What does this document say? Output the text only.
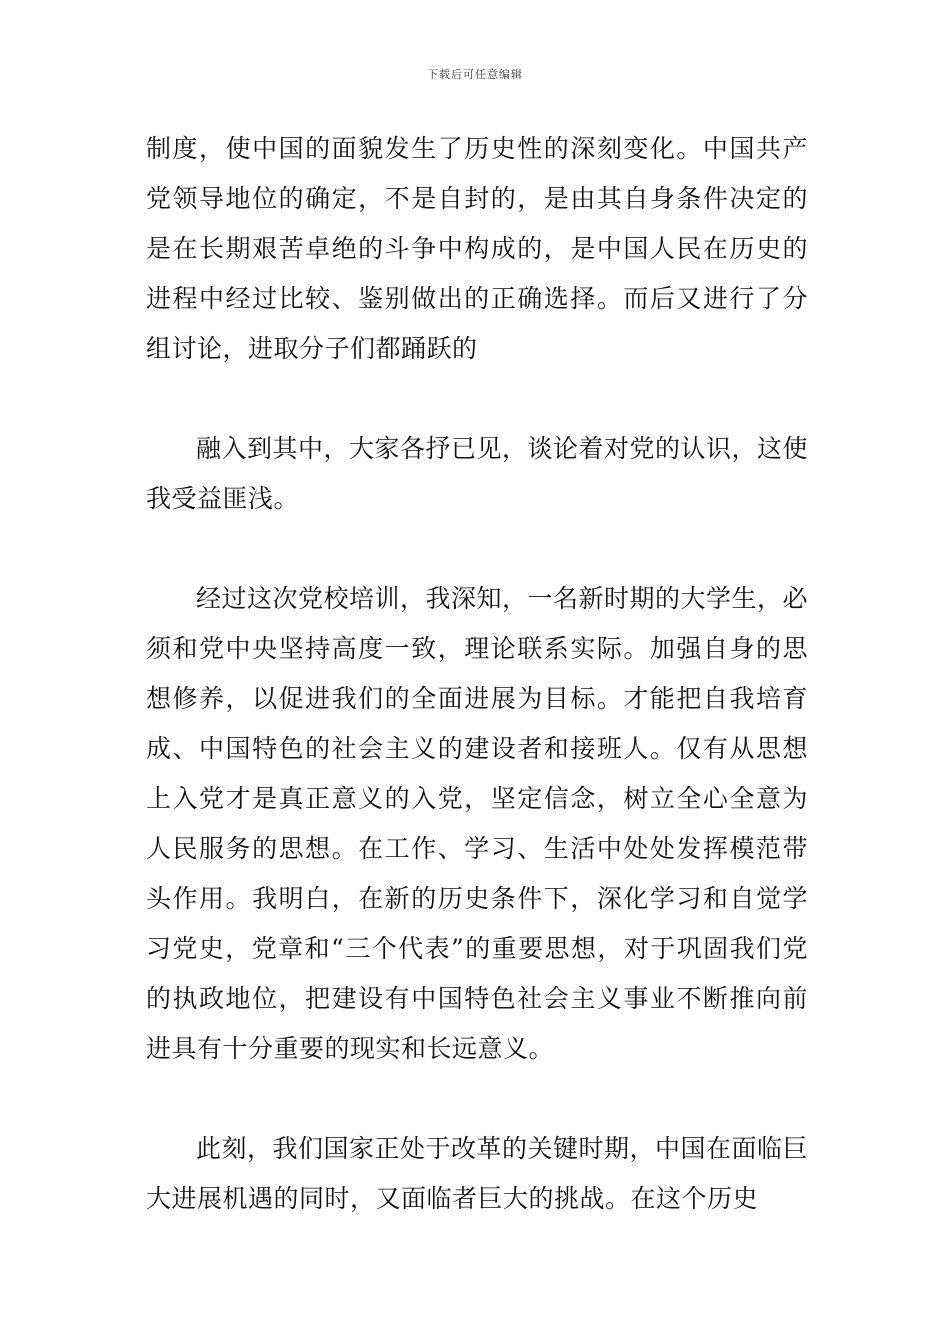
下载后可任意编辑

制度，使中国的面貌发生了历史性的深刻变化。中国共产党领导地位的确定，不是自封的，是由其自身条件决定的是在长期艰苦卓绝的斗争中构成的，是中国人民在历史的进程中经过比较、鉴别做出的正确选择。而后又进行了分组讨论，进取分子们都踊跃的

融入到其中，大家各抒已见，谈论着对党的认识，这使我受益匪浅。

经过这次党校培训，我深知，一名新时期的大学生，必须和党中央坚持高度一致，理论联系实际。加强自身的思想修养，以促进我们的全面进展为目标。才能把自我培育成、中国特色的社会主义的建设者和接班人。仅有从思想上入党才是真正意义的入党，坚定信念，树立全心全意为人民服务的思想。在工作、学习、生活中处处发挥模范带头作用。我明白，在新的历史条件下，深化学习和自觉学习党史，党章和“三个代表”的重要思想，对于巩固我们党的执政地位，把建设有中国特色社会主义事业不断推向前进具有十分重要的现实和长远意义。

此刻，我们国家正处于改革的关键时期，中国在面临巨大进展机遇的同时，又面临者巨大的挑战。在这个历史
